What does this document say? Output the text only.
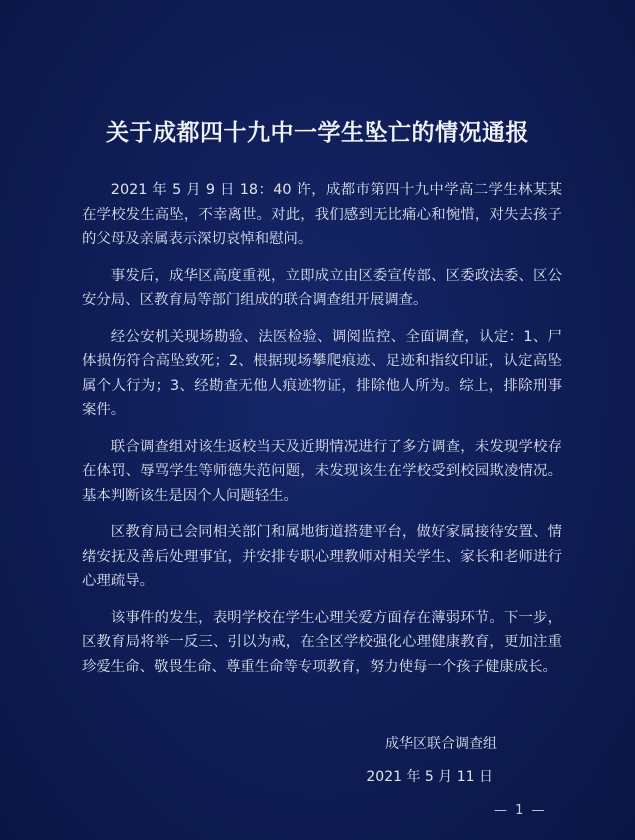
关于成都四十九中一学生坠亡的情况通报

2021 年 5 月 9 日 18：40 许，成都市第四十九中学高二学生林某某在学校发生高坠，不幸离世。对此，我们感到无比痛心和惋惜，对失去孩子的父母及亲属表示深切哀悼和慰问。

事发后，成华区高度重视，立即成立由区委宣传部、区委政法委、区公安分局、区教育局等部门组成的联合调查组开展调查。

经公安机关现场勘验、法医检验、调阅监控、全面调查，认定：1、尸体损伤符合高坠致死；2、根据现场攀爬痕迹、足迹和指纹印证，认定高坠属个人行为；3、经勘查无他人痕迹物证，排除他人所为。综上，排除刑事案件。

联合调查组对该生返校当天及近期情况进行了多方调查，未发现学校存在体罚、辱骂学生等师德失范问题，未发现该生在学校受到校园欺凌情况。基本判断该生是因个人问题轻生。

区教育局已会同相关部门和属地街道搭建平台，做好家属接待安置、情绪安抚及善后处理事宜，并安排专职心理教师对相关学生、家长和老师进行心理疏导。

该事件的发生，表明学校在学生心理关爱方面存在薄弱环节。下一步，区教育局将举一反三、引以为戒，在全区学校强化心理健康教育，更加注重珍爱生命、敬畏生命、尊重生命等专项教育，努力使每一个孩子健康成长。

成华区联合调查组
2021 年 5 月 11 日
— 1 —
